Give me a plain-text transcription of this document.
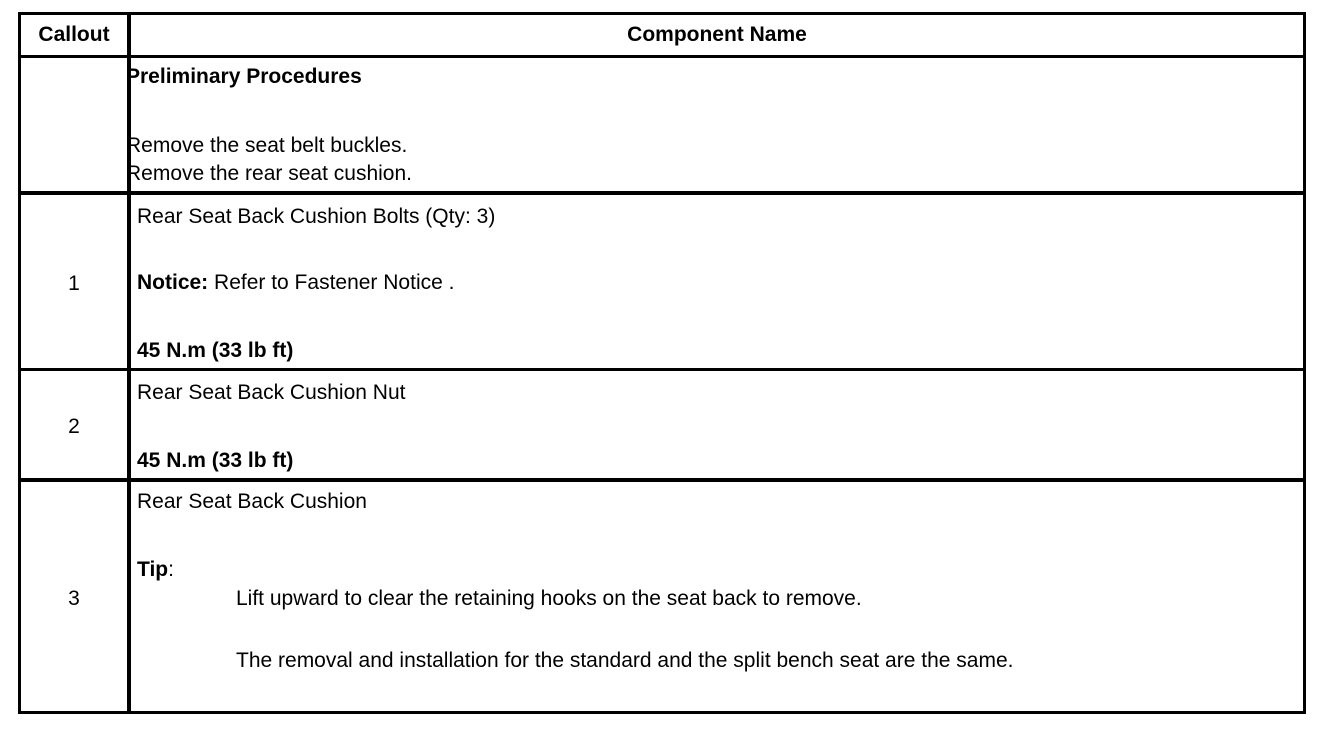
Callout	Component Name
Preliminary Procedures
Remove the seat belt buckles.
Remove the rear seat cushion.
1
Rear Seat Back Cushion Bolts (Qty: 3)
Notice: Refer to Fastener Notice .
45 N.m (33 lb ft)
2
Rear Seat Back Cushion Nut
45 N.m (33 lb ft)
3
Rear Seat Back Cushion
Tip:
Lift upward to clear the retaining hooks on the seat back to remove.
The removal and installation for the standard and the split bench seat are the same.
